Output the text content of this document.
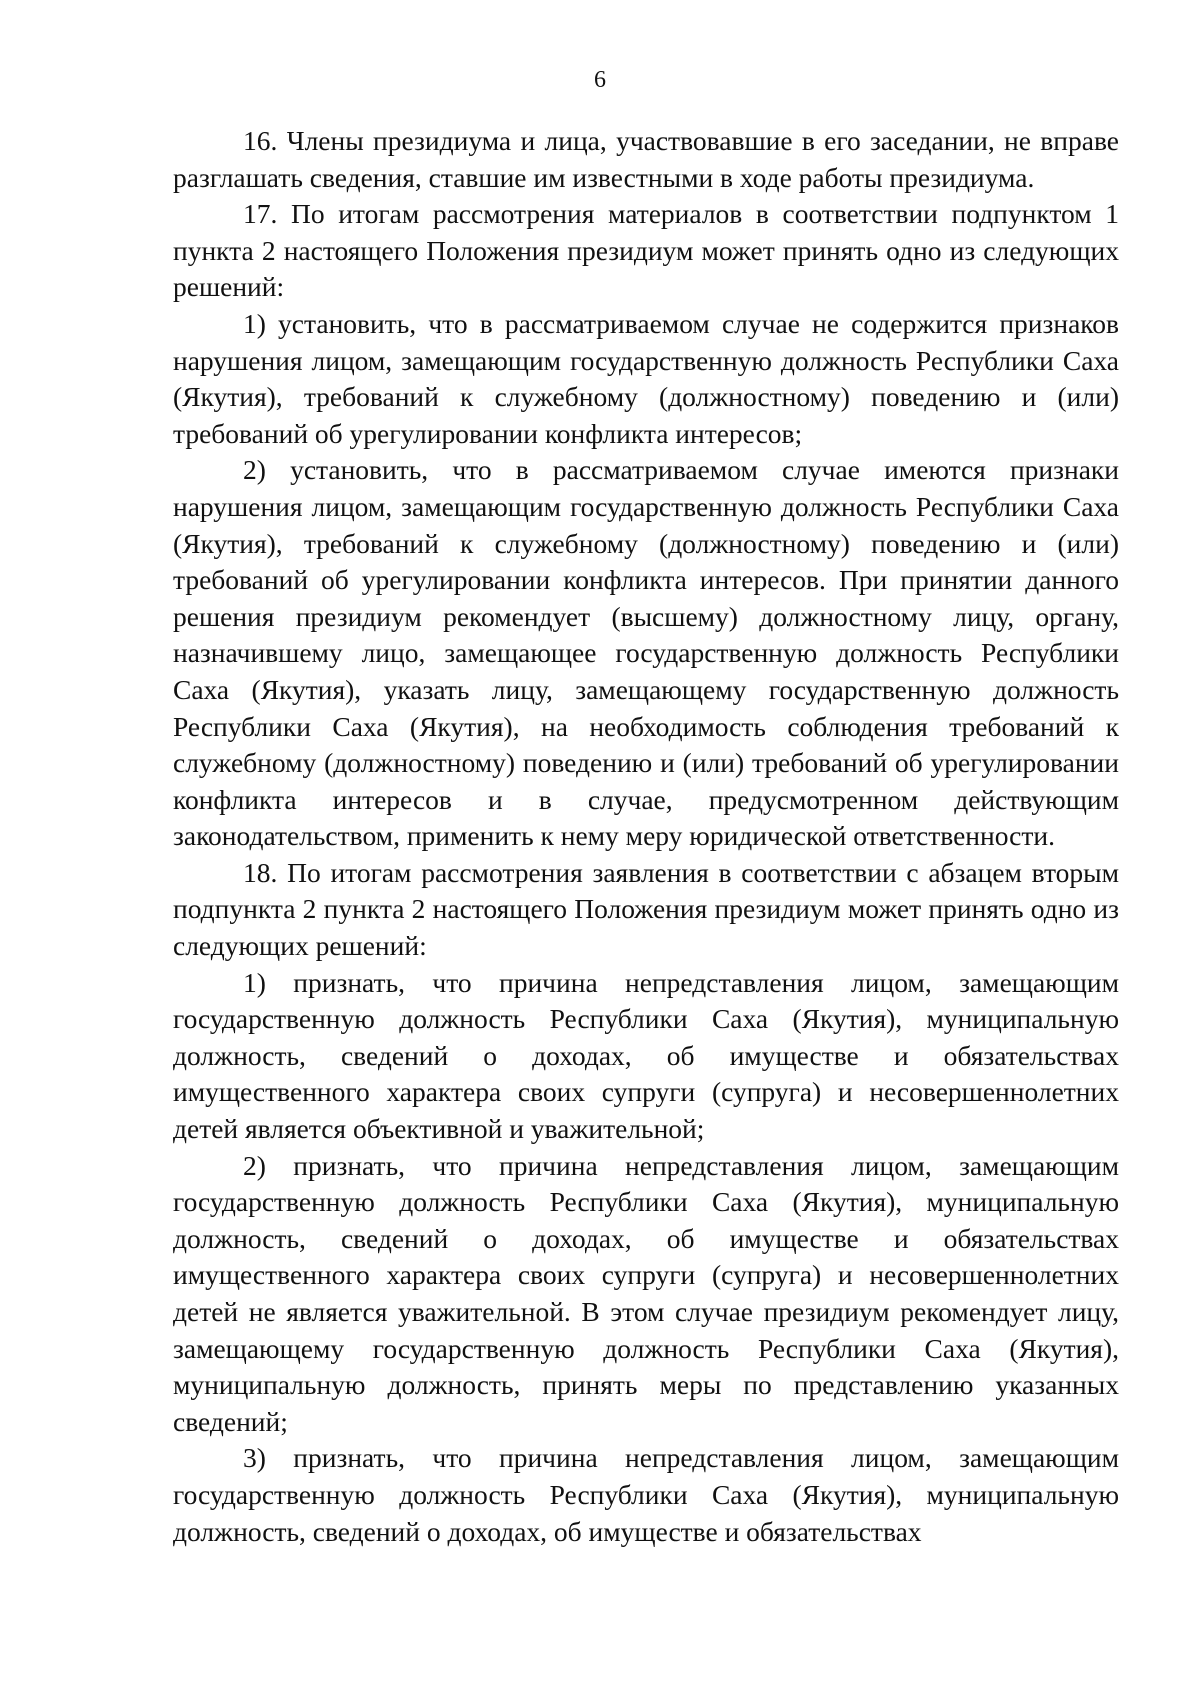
6

16. Члены президиума и лица, участвовавшие в его заседании, не вправе разглашать сведения, ставшие им известными в ходе работы президиума.

17. По итогам рассмотрения материалов в соответствии подпунктом 1 пункта 2 настоящего Положения президиум может принять одно из следующих решений:

1) установить, что в рассматриваемом случае не содержится признаков нарушения лицом, замещающим государственную должность Республики Саха (Якутия), требований к служебному (должностному) поведению и (или) требований об урегулировании конфликта интересов;

2) установить, что в рассматриваемом случае имеются признаки нарушения лицом, замещающим государственную должность Республики Саха (Якутия), требований к служебному (должностному) поведению и (или) требований об урегулировании конфликта интересов. При принятии данного решения президиум рекомендует (высшему) должностному лицу, органу, назначившему лицо, замещающее государственную должность Республики Саха (Якутия), указать лицу, замещающему государственную должность Республики Саха (Якутия), на необходимость соблюдения требований к служебному (должностному) поведению и (или) требований об урегулировании конфликта интересов и в случае, предусмотренном действующим законодательством, применить к нему меру юридической ответственности.

18. По итогам рассмотрения заявления в соответствии с абзацем вторым подпункта 2 пункта 2 настоящего Положения президиум может принять одно из следующих решений:

1) признать, что причина непредставления лицом, замещающим государственную должность Республики Саха (Якутия), муниципальную должность, сведений о доходах, об имуществе и обязательствах имущественного характера своих супруги (супруга) и несовершеннолетних детей является объективной и уважительной;

2) признать, что причина непредставления лицом, замещающим государственную должность Республики Саха (Якутия), муниципальную должность, сведений о доходах, об имуществе и обязательствах имущественного характера своих супруги (супруга) и несовершеннолетних детей не является уважительной. В этом случае президиум рекомендует лицу, замещающему государственную должность Республики Саха (Якутия), муниципальную должность, принять меры по представлению указанных сведений;

3) признать, что причина непредставления лицом, замещающим государственную должность Республики Саха (Якутия), муниципальную должность, сведений о доходах, об имуществе и обязательствах
